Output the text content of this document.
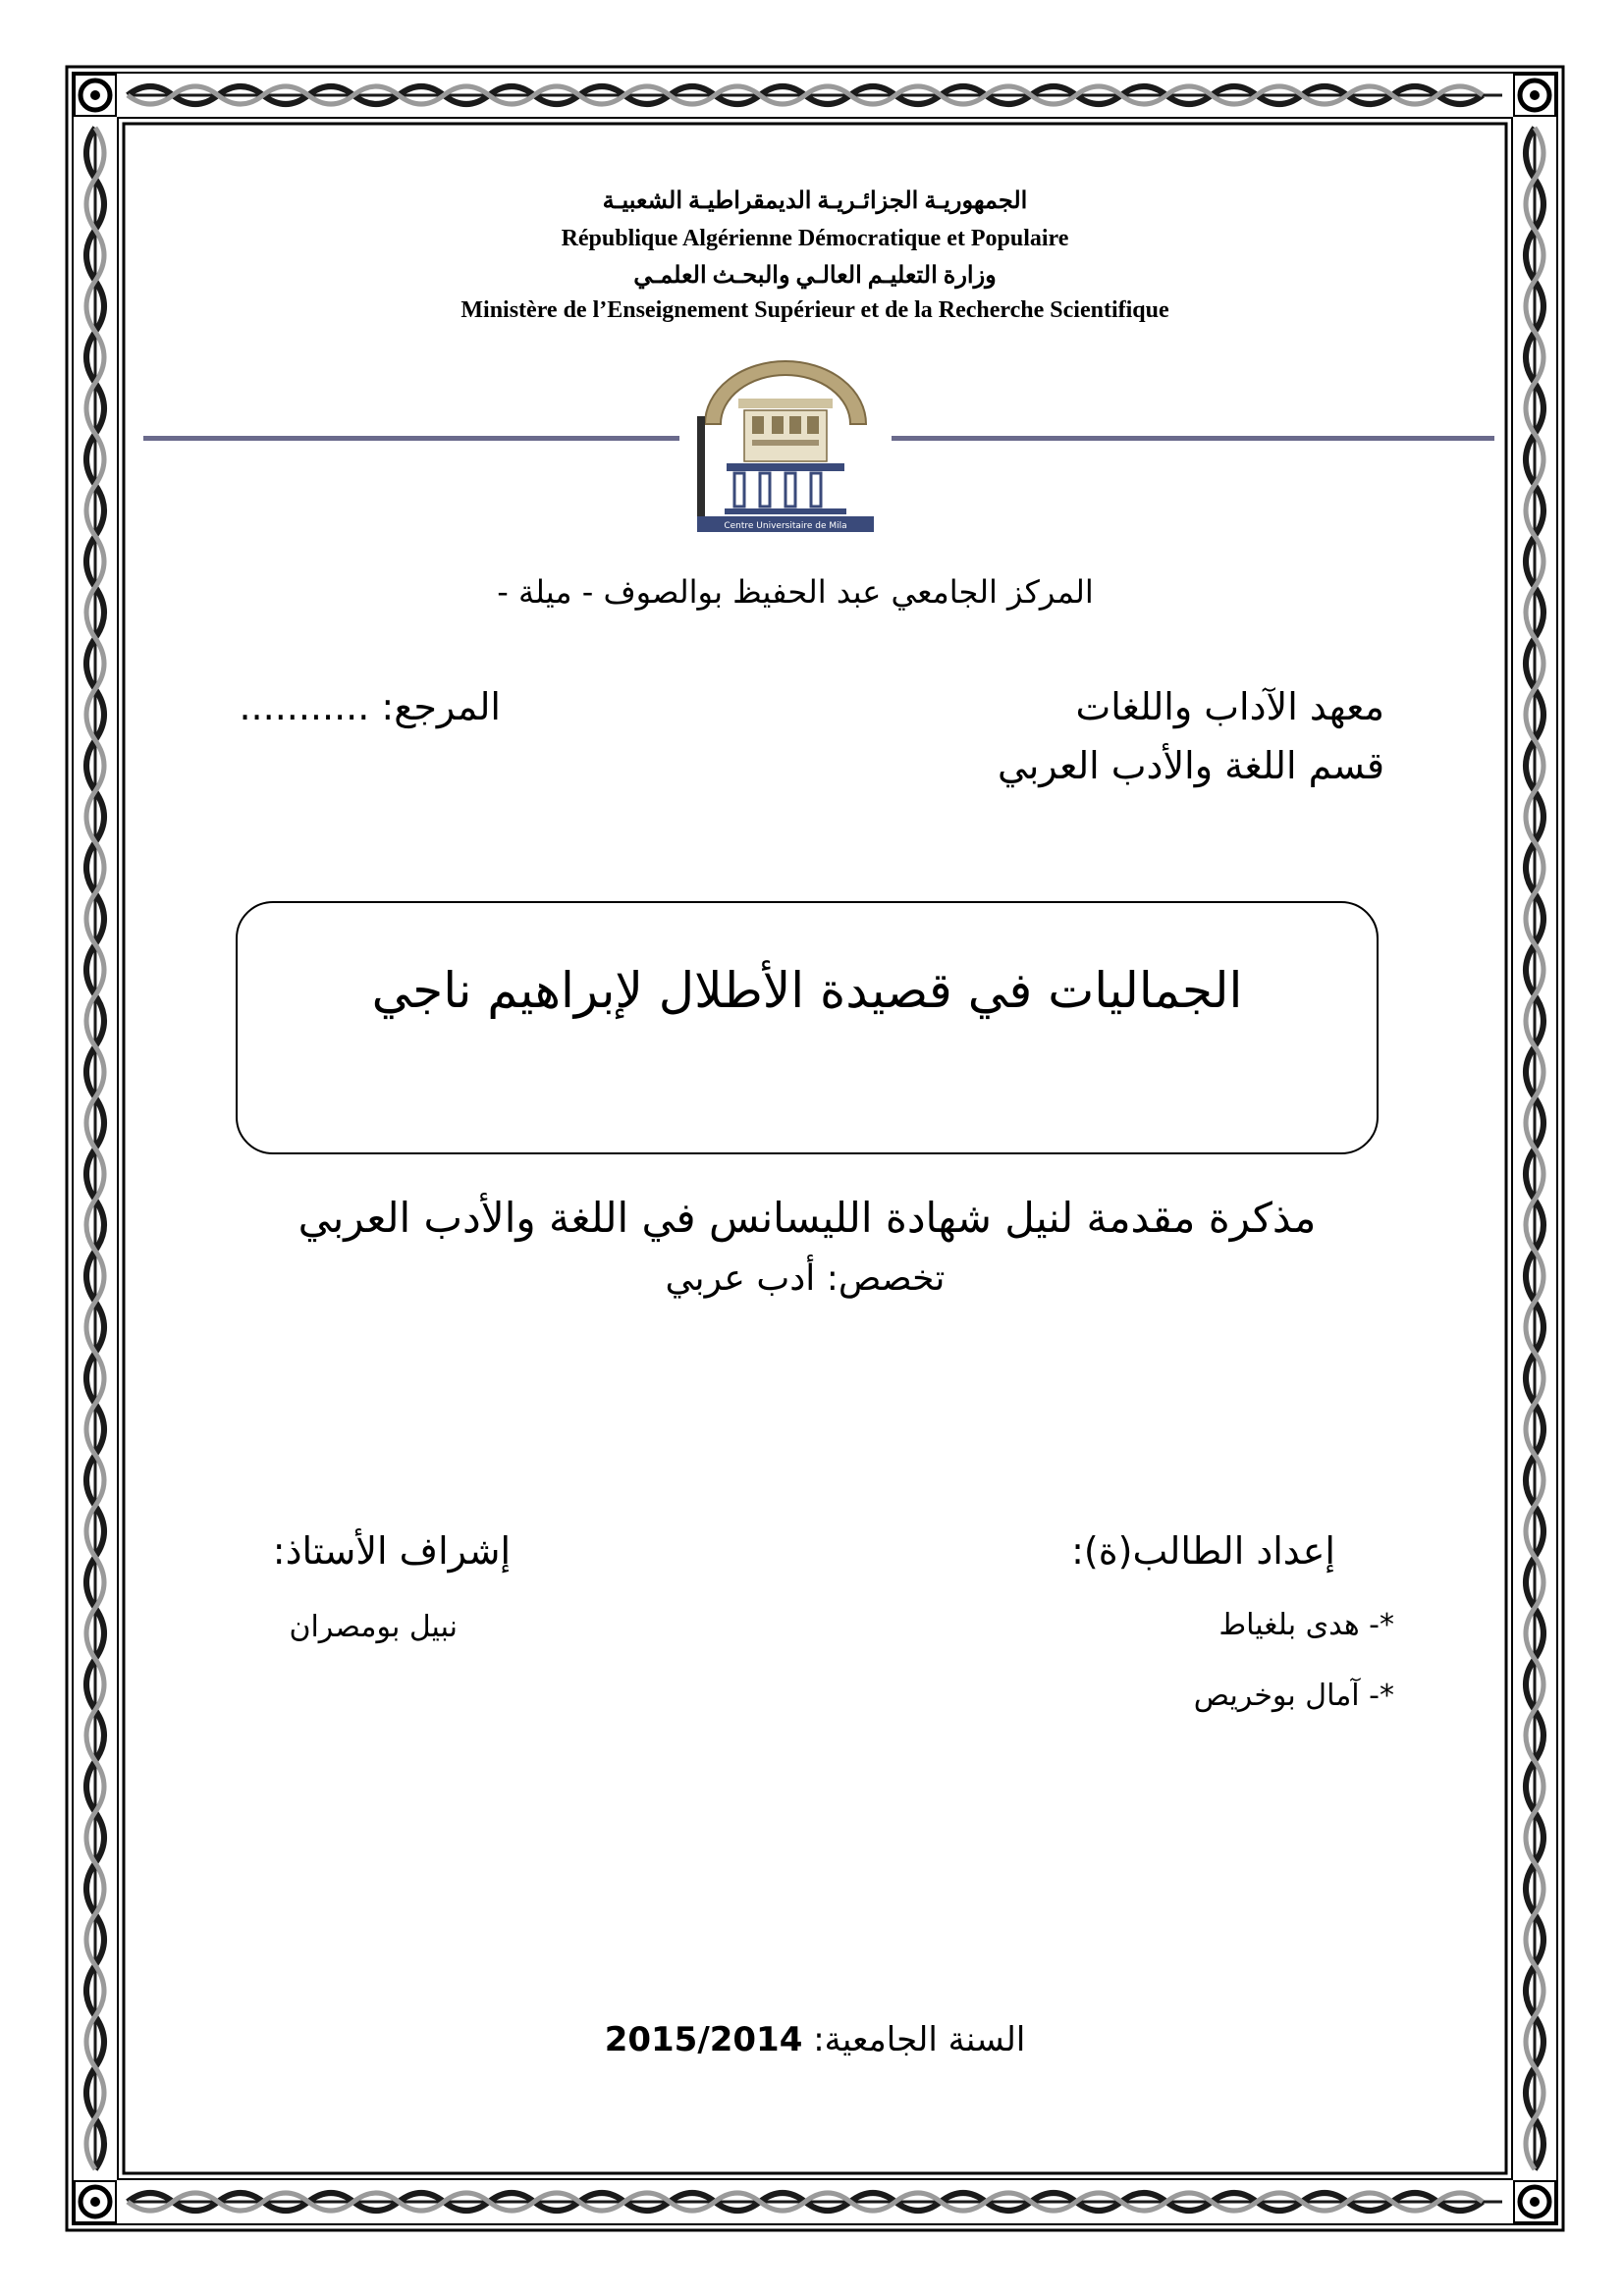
الجمهوريـة الجزائـريـة الديمقراطيـة الشعبيـة
République Algérienne Démocratique et Populaire
وزارة التعليـم العالـي والبحـث العلمـي
Ministère de l’Enseignement Supérieur et de la Recherche Scientifique
Centre Universitaire de Mila
المركز الجامعي عبد الحفيظ بوالصوف - ميلة -
معهد الآداب واللغات
قسم اللغة والأدب العربي
المرجع: ...........
الجماليات في قصيدة الأطلال لإبراهيم ناجي
مذكرة مقدمة لنيل شهادة الليسانس في اللغة والأدب العربي
تخصص: أدب عربي
إعداد الطالب(ة):
*- هدى بلغياط
*- آمال بوخريص
إشراف الأستاذ:
نبيل بومصران
السنة الجامعية: 2015/2014
